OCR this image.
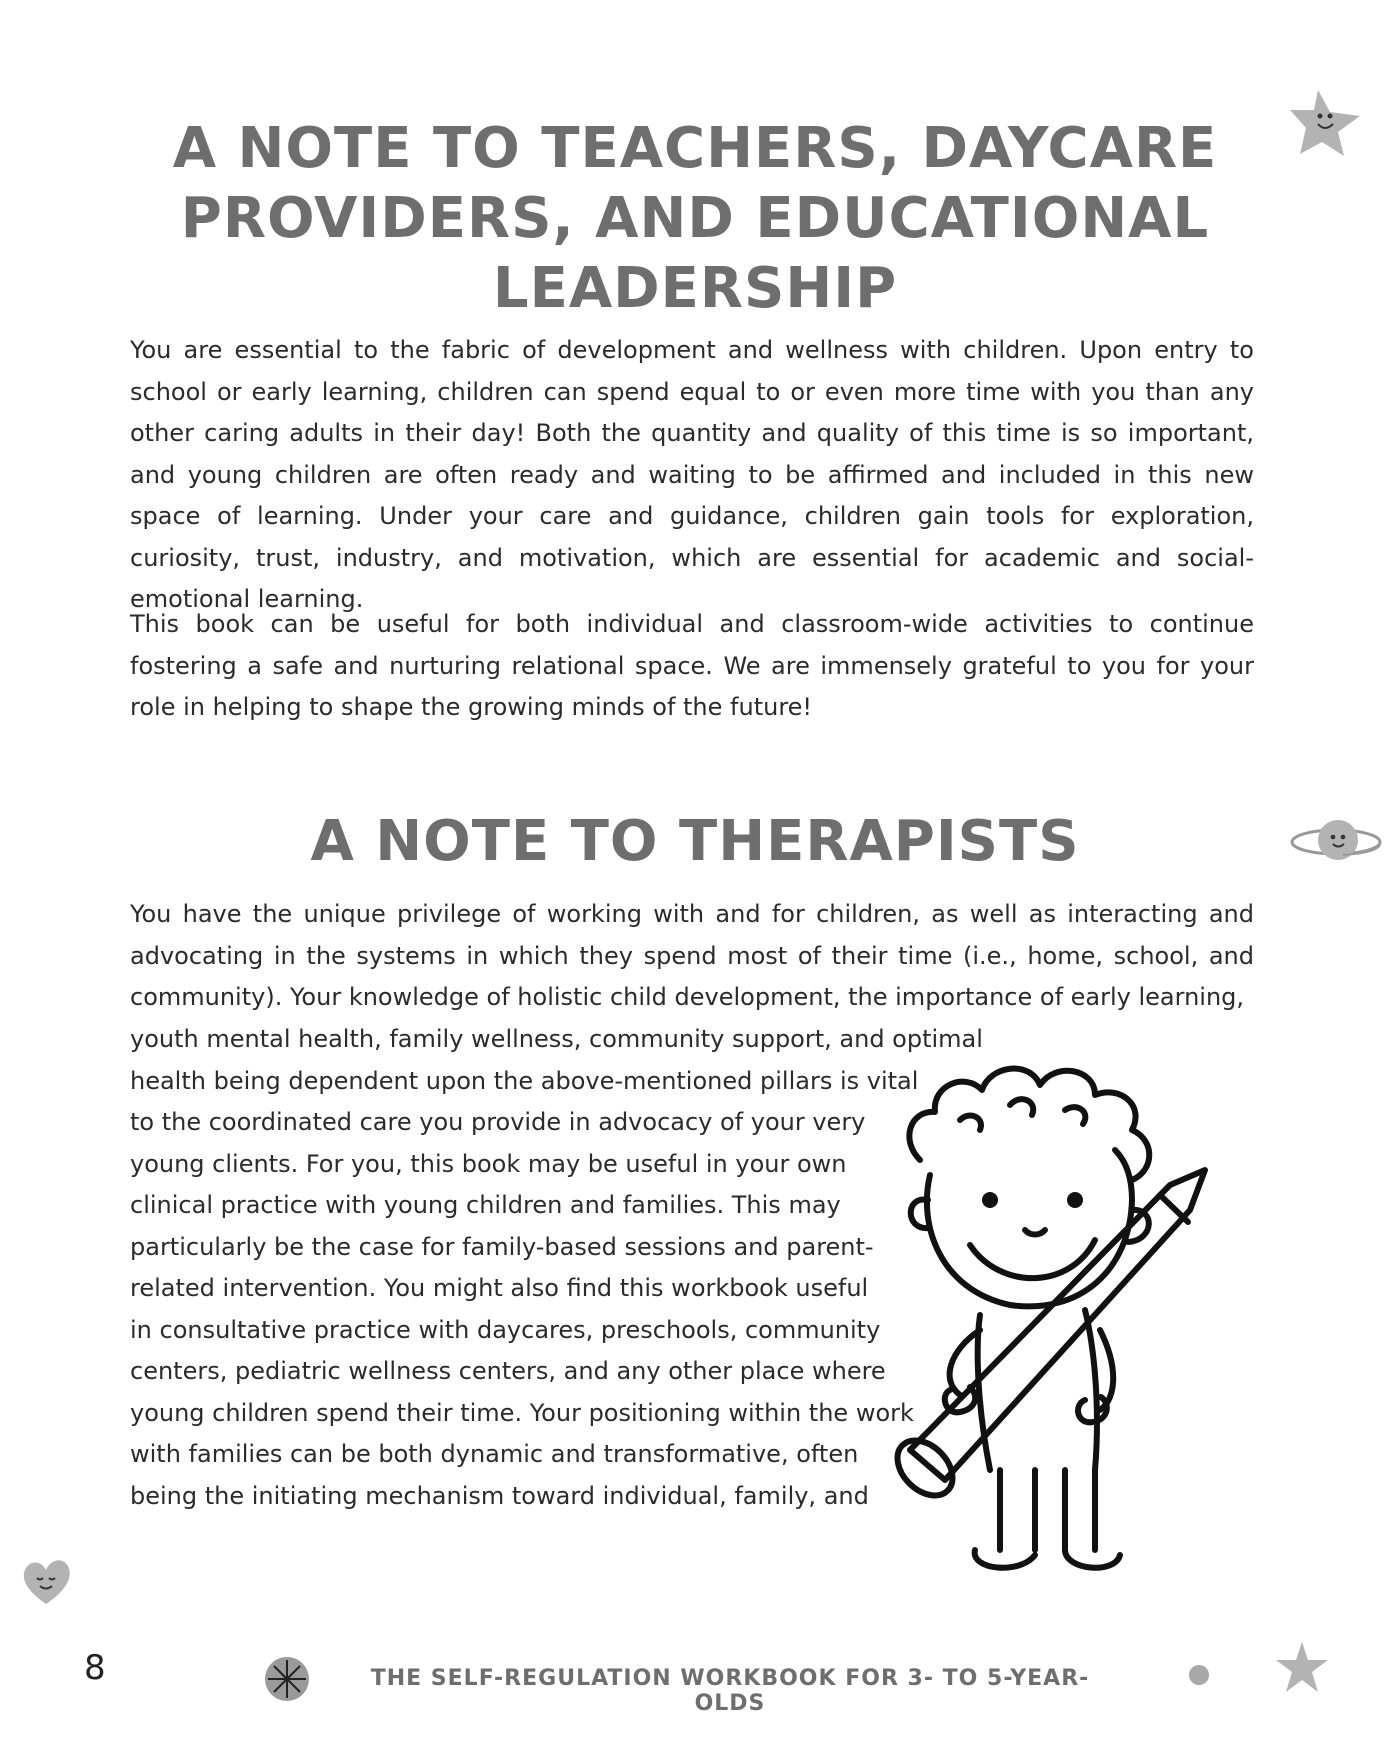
A NOTE TO TEACHERS, DAYCARE PROVIDERS, AND EDUCATIONAL LEADERSHIP

You are essential to the fabric of development and wellness with children. Upon entry to school or early learning, children can spend equal to or even more time with you than any other caring adults in their day! Both the quantity and quality of this time is so important, and young children are often ready and waiting to be affirmed and included in this new space of learning. Under your care and guidance, children gain tools for exploration, curiosity, trust, industry, and motivation, which are essential for academic and social-emotional learning.

This book can be useful for both individual and classroom-wide activities to continue fostering a safe and nurturing relational space. We are immensely grateful to you for your role in helping to shape the growing minds of the future!

A NOTE TO THERAPISTS

You have the unique privilege of working with and for children, as well as interacting and advocating in the systems in which they spend most of their time (i.e., home, school, and community). Your knowledge of holistic child development, the importance of early learning,

youth mental health, family wellness, community support, and optimal

health being dependent upon the above-mentioned pillars is vital

to the coordinated care you provide in advocacy of your very

young clients. For you, this book may be useful in your own

clinical practice with young children and families. This may

particularly be the case for family-based sessions and parent-

related intervention. You might also find this workbook useful

in consultative practice with daycares, preschools, community

centers, pediatric wellness centers, and any other place where

young children spend their time. Your positioning within the work

with families can be both dynamic and transformative, often

being the initiating mechanism toward individual, family, and

8	THE SELF-REGULATION WORKBOOK FOR 3- TO 5-YEAR-OLDS
